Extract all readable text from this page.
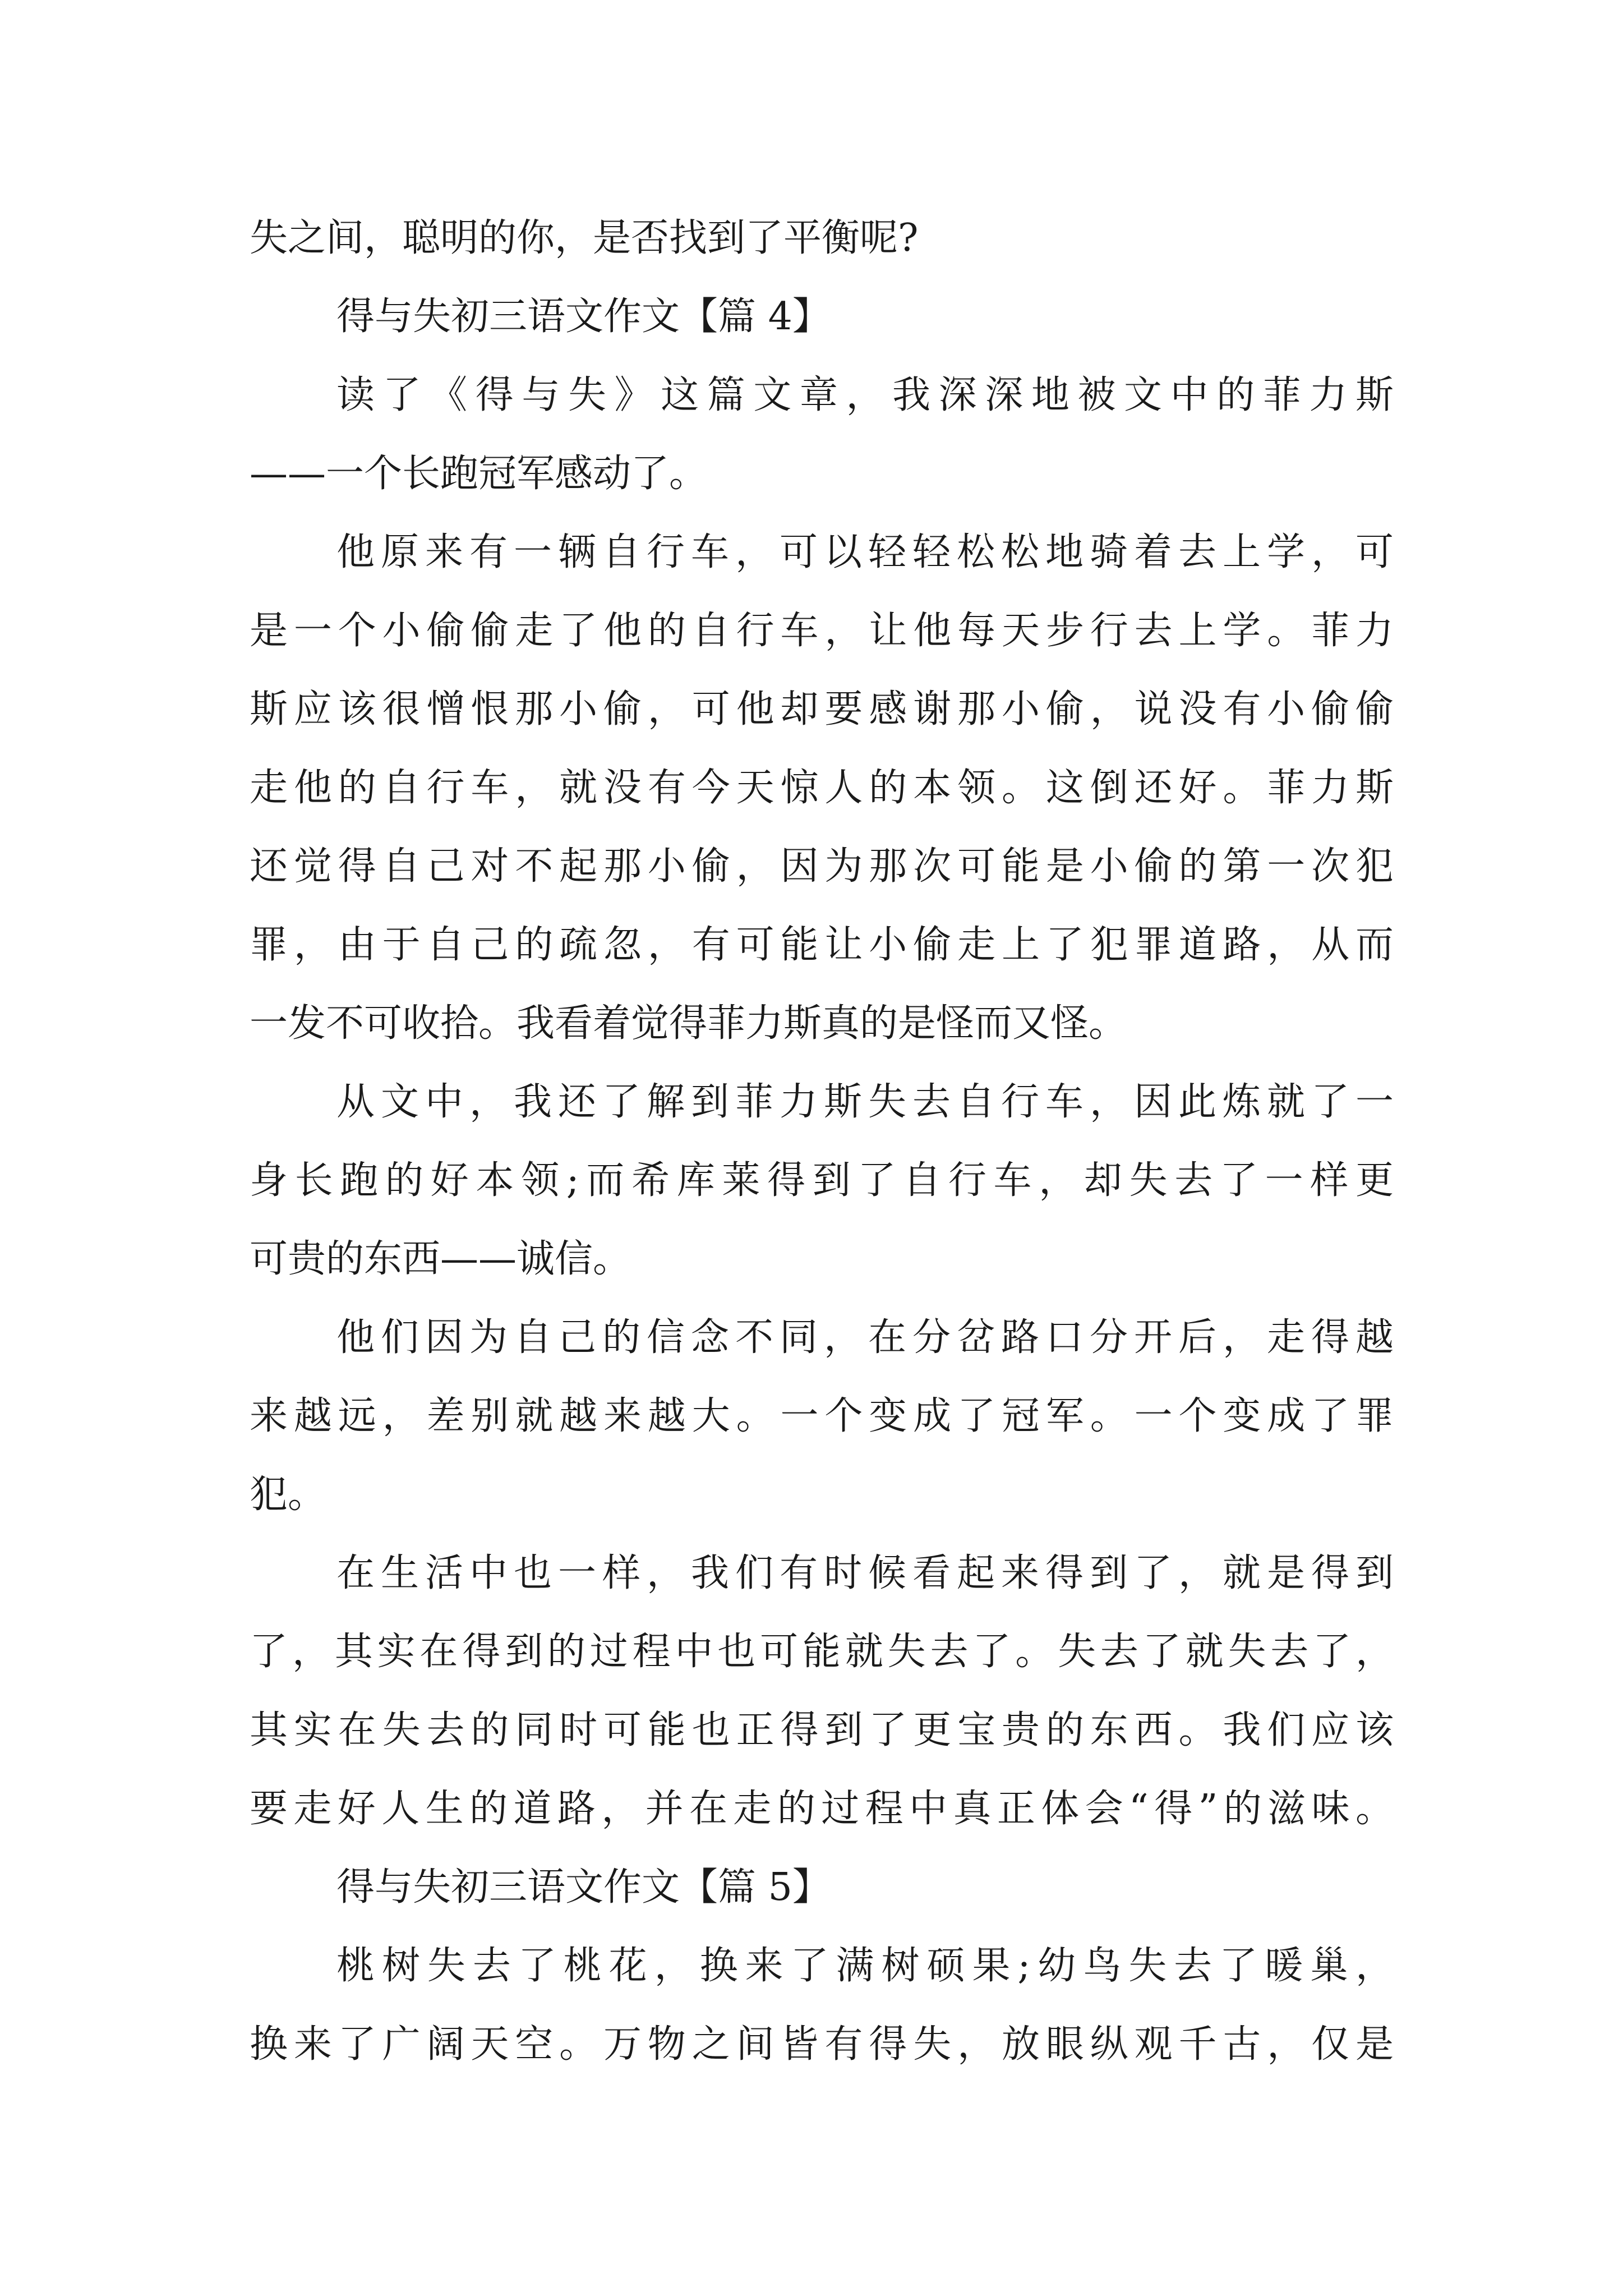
失之间，聪明的你，是否找到了平衡呢?

得与失初三语文作文【篇 4】

读了《得与失》这篇文章，我深深地被文中的菲力斯

——一个长跑冠军感动了。

他原来有一辆自行车，可以轻轻松松地骑着去上学，可

是一个小偷偷走了他的自行车，让他每天步行去上学。菲力

斯应该很憎恨那小偷，可他却要感谢那小偷，说没有小偷偷

走他的自行车，就没有今天惊人的本领。这倒还好。菲力斯

还觉得自己对不起那小偷，因为那次可能是小偷的第一次犯

罪，由于自己的疏忽，有可能让小偷走上了犯罪道路，从而

一发不可收拾。我看着觉得菲力斯真的是怪而又怪。

从文中，我还了解到菲力斯失去自行车，因此炼就了一

身长跑的好本领;而希库莱得到了自行车，却失去了一样更

可贵的东西——诚信。

他们因为自己的信念不同，在分岔路口分开后，走得越

来越远，差别就越来越大。一个变成了冠军。一个变成了罪

犯。

在生活中也一样，我们有时候看起来得到了，就是得到

了，其实在得到的过程中也可能就失去了。失去了就失去了，

其实在失去的同时可能也正得到了更宝贵的东西。我们应该

要走好人生的道路，并在走的过程中真正体会“得”的滋味。

得与失初三语文作文【篇 5】

桃树失去了桃花，换来了满树硕果;幼鸟失去了暖巢，

换来了广阔天空。万物之间皆有得失，放眼纵观千古，仅是
